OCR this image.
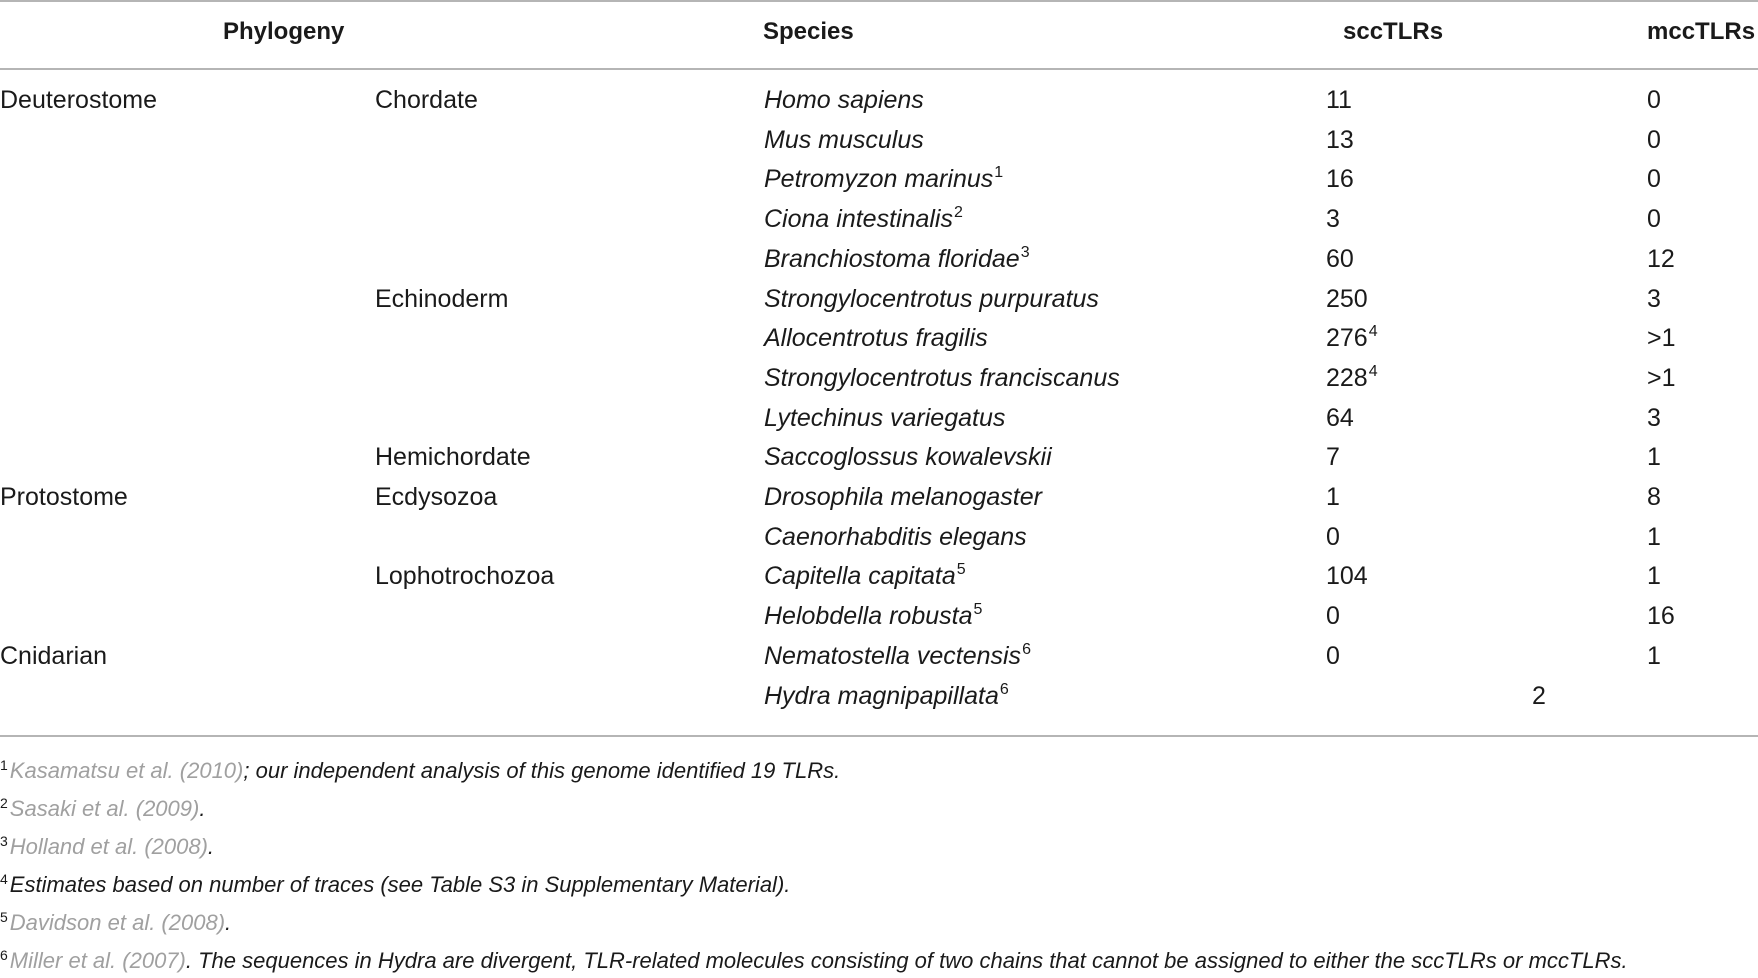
Phylogeny	Species	sccTLRs	mccTLRs
Deuterostome	Chordate	Homo sapiens	11	0
Mus musculus	13	0
Petromyzon marinus$^1$	16	0
Ciona intestinalis$^2$	3	0
Branchiostoma floridae$^3$	60	12
Echinoderm	Strongylocentrotus purpuratus	250	3
Allocentrotus fragilis	$276^4$	>1
Strongylocentrotus franciscanus	$228^4$	>1
Lytechinus variegatus	64	3
Hemichordate	Saccoglossus kowalevskii	7	1
Protostome	Ecdysozoa	Drosophila melanogaster	1	8
Caenorhabditis elegans	0	1
Lophotrochozoa	Capitella capitata$^5$	104	1
Helobdella robusta$^5$	0	16
Cnidarian	Nematostella vectensis$^6$	0	1
Hydra magnipapillata$^6$	2
$^1$Kasamatsu et al. (2010); our independent analysis of this genome identified 19 TLRs.
$^2$Sasaki et al. (2009).
$^3$Holland et al. (2008).
$^4$Estimates based on number of traces (see Table S3 in Supplementary Material).
$^5$Davidson et al. (2008).
$^6$Miller et al. (2007). The sequences in Hydra are divergent, TLR-related molecules consisting of two chains that cannot be assigned to either the sccTLRs or mccTLRs.
